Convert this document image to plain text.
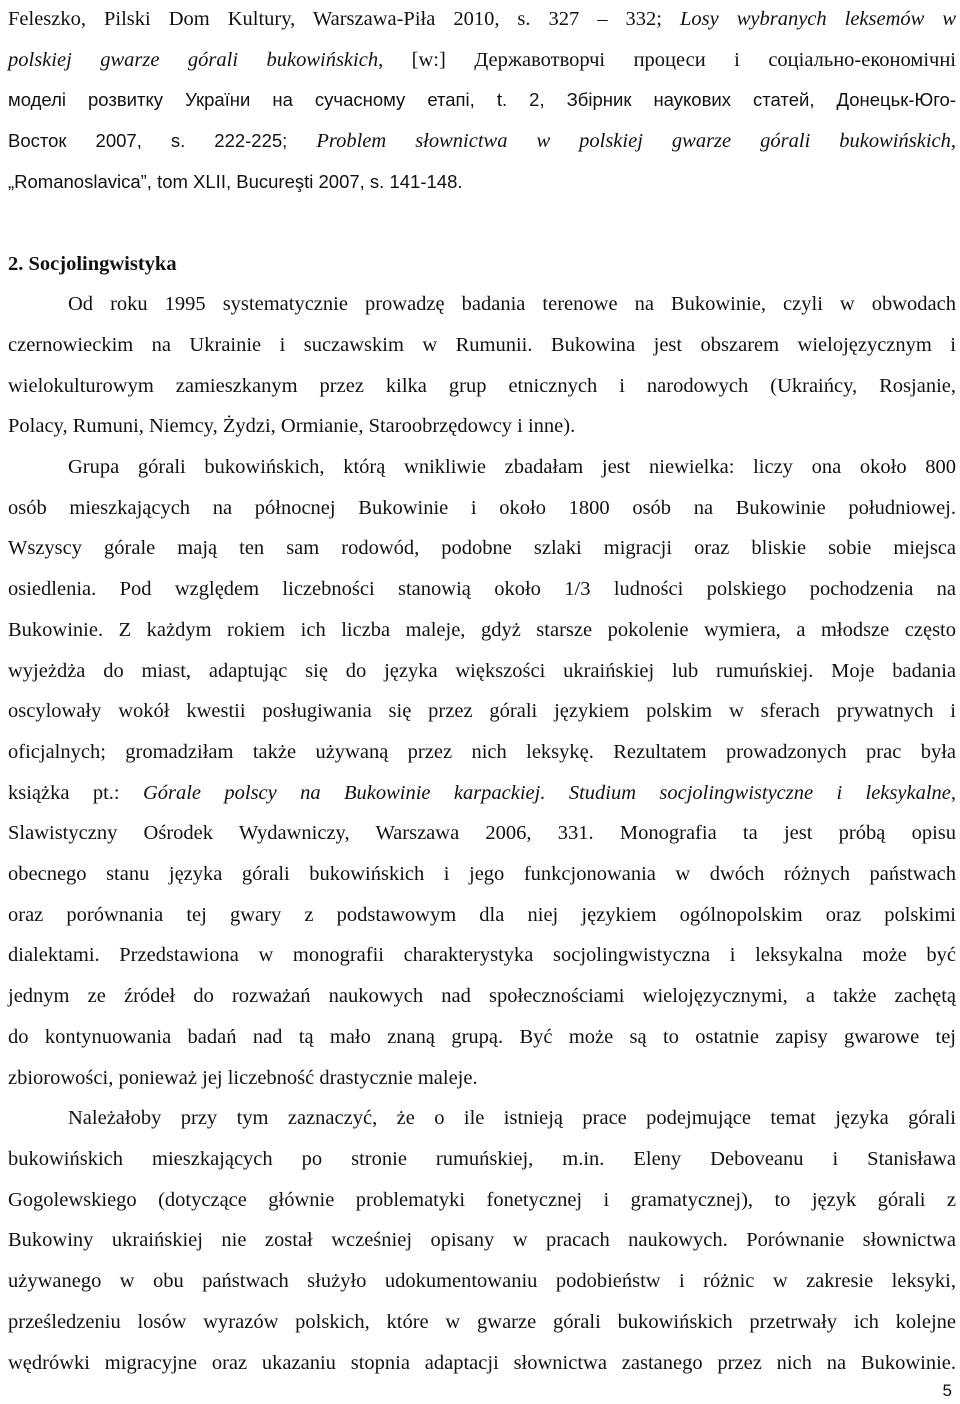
Feleszko, Pilski Dom Kultury, Warszawa-Piła 2010, s. 327 – 332; Losy wybranych leksemów w
polskiej gwarze górali bukowińskich, [w:] Державотворчі процеси і соціально-економічні
моделі розвитку України на сучасному етапі, t. 2, Збірник наукових статей, Донецьк-Юго-
Восток 2007, s. 222-225; Problem słownictwa w polskiej gwarze górali bukowińskich,
„Romanoslavica”, tom XLII, Bucureşti 2007, s. 141-148.
2. Socjolingwistyka
Od roku 1995 systematycznie prowadzę badania terenowe na Bukowinie, czyli w obwodach
czernowieckim na Ukrainie i suczawskim w Rumunii. Bukowina jest obszarem wielojęzycznym i
wielokulturowym zamieszkanym przez kilka grup etnicznych i narodowych (Ukraińcy, Rosjanie,
Polacy, Rumuni, Niemcy, Żydzi, Ormianie, Staroobrzędowcy i inne).
Grupa górali bukowińskich, którą wnikliwie zbadałam jest niewielka: liczy ona około 800
osób mieszkających na północnej Bukowinie i około 1800 osób na Bukowinie południowej.
Wszyscy górale mają ten sam rodowód, podobne szlaki migracji oraz bliskie sobie miejsca
osiedlenia. Pod względem liczebności stanowią około 1/3 ludności polskiego pochodzenia na
Bukowinie. Z każdym rokiem ich liczba maleje, gdyż starsze pokolenie wymiera, a młodsze często
wyjeżdża do miast, adaptując się do języka większości ukraińskiej lub rumuńskiej. Moje badania
oscylowały wokół kwestii posługiwania się przez górali językiem polskim w sferach prywatnych i
oficjalnych; gromadziłam także używaną przez nich leksykę. Rezultatem prowadzonych prac była
książka pt.: Górale polscy na Bukowinie karpackiej. Studium socjolingwistyczne i leksykalne,
Slawistyczny Ośrodek Wydawniczy, Warszawa 2006, 331. Monografia ta jest próbą opisu
obecnego stanu języka górali bukowińskich i jego funkcjonowania w dwóch różnych państwach
oraz porównania tej gwary z podstawowym dla niej językiem ogólnopolskim oraz polskimi
dialektami. Przedstawiona w monografii charakterystyka socjolingwistyczna i leksykalna może być
jednym ze źródeł do rozważań naukowych nad społecznościami wielojęzycznymi, a także zachętą
do kontynuowania badań nad tą mało znaną grupą. Być może są to ostatnie zapisy gwarowe tej
zbiorowości, ponieważ jej liczebność drastycznie maleje.
Należałoby przy tym zaznaczyć, że o ile istnieją prace podejmujące temat języka górali
bukowińskich mieszkających po stronie rumuńskiej, m.in. Eleny Deboveanu i Stanisława
Gogolewskiego (dotyczące głównie problematyki fonetycznej i gramatycznej), to język górali z
Bukowiny ukraińskiej nie został wcześniej opisany w pracach naukowych. Porównanie słownictwa
używanego w obu państwach służyło udokumentowaniu podobieństw i różnic w zakresie leksyki,
prześledzeniu losów wyrazów polskich, które w gwarze górali bukowińskich przetrwały ich kolejne
wędrówki migracyjne oraz ukazaniu stopnia adaptacji słownictwa zastanego przez nich na Bukowinie.
5
